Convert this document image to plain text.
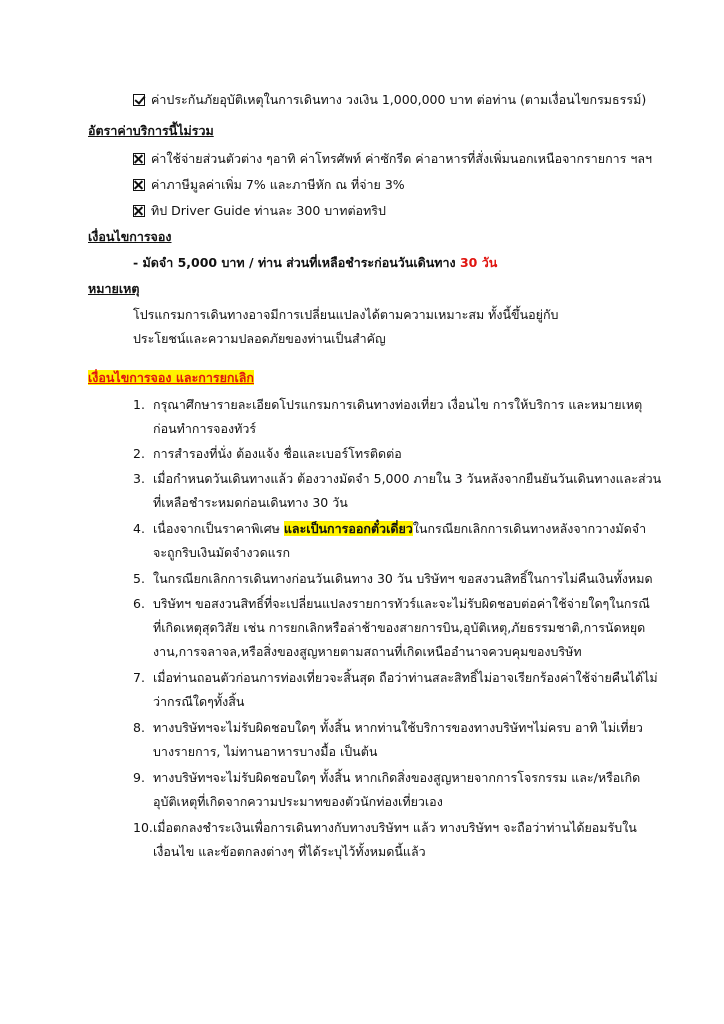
ค่าประกันภัยอุบัติเหตุในการเดินทาง วงเงิน 1,000,000 บาท ต่อท่าน (ตามเงื่อนไขกรมธรรม์)
อัตราค่าบริการนี้ไม่รวม
ค่าใช้จ่ายส่วนตัวต่าง ๆอาทิ ค่าโทรศัพท์ ค่าซักรีด ค่าอาหารที่สั่งเพิ่มนอกเหนือจากรายการ ฯลฯ
ค่าภาษีมูลค่าเพิ่ม 7% และภาษีหัก ณ ที่จ่าย 3%
ทิป Driver Guide ท่านละ 300 บาทต่อทริป
เงื่อนไขการจอง
- มัดจำ 5,000 บาท / ท่าน ส่วนที่เหลือชำระก่อนวันเดินทาง 30 วัน
หมายเหตุ
โปรแกรมการเดินทางอาจมีการเปลี่ยนแปลงได้ตามความเหมาะสม ทั้งนี้ขึ้นอยู่กับ
ประโยชน์และความปลอดภัยของท่านเป็นสำคัญ
เงื่อนไขการจอง และการยกเลิก
1. กรุณาศึกษารายละเอียดโปรแกรมการเดินทางท่องเที่ยว เงื่อนไข การให้บริการ และหมายเหตุ
ก่อนทำการจองทัวร์
2. การสำรองที่นั่ง ต้องแจ้ง ชื่อและเบอร์โทรติดต่อ
3. เมื่อกำหนดวันเดินทางแล้ว ต้องวางมัดจำ 5,000 ภายใน 3 วันหลังจากยืนยันวันเดินทางและส่วน
ที่เหลือชำระหมดก่อนเดินทาง 30 วัน
4. เนื่องจากเป็นราคาพิเศษ และเป็นการออกตั๋วเดี่ยวในกรณียกเลิกการเดินทางหลังจากวางมัดจำ
จะถูกริบเงินมัดจำงวดแรก
5. ในกรณียกเลิกการเดินทางก่อนวันเดินทาง 30 วัน บริษัทฯ ขอสงวนสิทธิ์ในการไม่คืนเงินทั้งหมด
6. บริษัทฯ ขอสงวนสิทธิ์ที่จะเปลี่ยนแปลงรายการทัวร์และจะไม่รับผิดชอบต่อค่าใช้จ่ายใดๆในกรณี
ที่เกิดเหตุสุดวิสัย เช่น การยกเลิกหรือล่าช้าของสายการบิน,อุบัติเหตุ,ภัยธรรมชาติ,การนัดหยุด
งาน,การจลาจล,หรือสิ่งของสูญหายตามสถานที่เกิดเหนืออำนาจควบคุมของบริษัท
7. เมื่อท่านถอนตัวก่อนการท่องเที่ยวจะสิ้นสุด ถือว่าท่านสละสิทธิ์ไม่อาจเรียกร้องค่าใช้จ่ายคืนได้ไม่
ว่ากรณีใดๆทั้งสิ้น
8. ทางบริษัทฯจะไม่รับผิดชอบใดๆ ทั้งสิ้น หากท่านใช้บริการของทางบริษัทฯไม่ครบ อาทิ ไม่เที่ยว
บางรายการ, ไม่ทานอาหารบางมื้อ เป็นต้น
9. ทางบริษัทฯจะไม่รับผิดชอบใดๆ ทั้งสิ้น หากเกิดสิ่งของสูญหายจากการโจรกรรม และ/หรือเกิด
อุบัติเหตุที่เกิดจากความประมาทของตัวนักท่องเที่ยวเอง
10. เมื่อตกลงชำระเงินเพื่อการเดินทางกับทางบริษัทฯ แล้ว ทางบริษัทฯ จะถือว่าท่านได้ยอมรับใน
เงื่อนไข และข้อตกลงต่างๆ ที่ได้ระบุไว้ทั้งหมดนี้แล้ว
